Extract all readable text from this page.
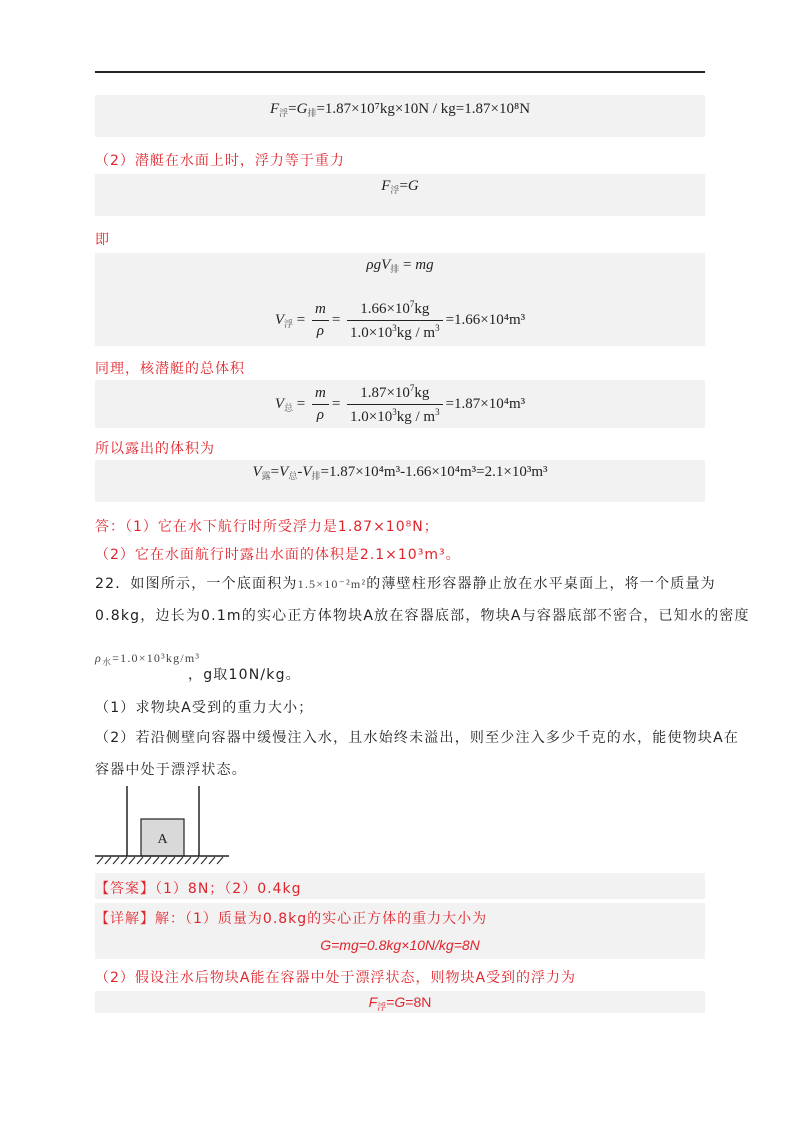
$F_浮=G_排=1.87\times 10^7kg\times 10N / kg=1.87\times 10^8N$
（2）潜艇在水面上时，浮力等于重力
$F_浮=G$
即
ρgV$_排$ = mg
$V_浮 = \frac{m}{\rho} = \frac{1.66\times 10^7kg}{1.0\times 10^3kg / m^3} =1.66\times 10^4m^3$
同理，核潜艇的总体积
$V_总 = \frac{m}{\rho} = \frac{1.87\times 10^7kg}{1.0\times 10^3kg / m^3} =1.87\times 10^4m^3$
所以露出的体积为
$V_露=V_总-V_排=1.87\times 10^4m^3-1.66\times 10^4m^3=2.1\times 10^3m^3$
答：（1）它在水下航行时所受浮力是1.87×10⁸N；
（2）它在水面航行时露出水面的体积是2.1×10³m³。
22．如图所示，一个底面积为1.5×10⁻²m²的薄壁柱形容器静止放在水平桌面上，将一个质量为
0.8kg，边长为0.1m的实心正方体物块A放在容器底部，物块A与容器底部不密合，已知水的密度
$\rho_水=1.0\times 10^3kg/m^3$
，g取10N/kg。
（1）求物块A受到的重力大小；
（2）若沿侧壁向容器中缓慢注入水，且水始终未溢出，则至少注入多少千克的水，能使物块A在
容器中处于漂浮状态。
A
【答案】（1）8N；（2）0.4kg
【详解】解：（1）质量为0.8kg的实心正方体的重力大小为
G=mg=0.8kg×10N/kg=8N
（2）假设注水后物块A能在容器中处于漂浮状态，则物块A受到的浮力为
$F_浮=G=8N$
